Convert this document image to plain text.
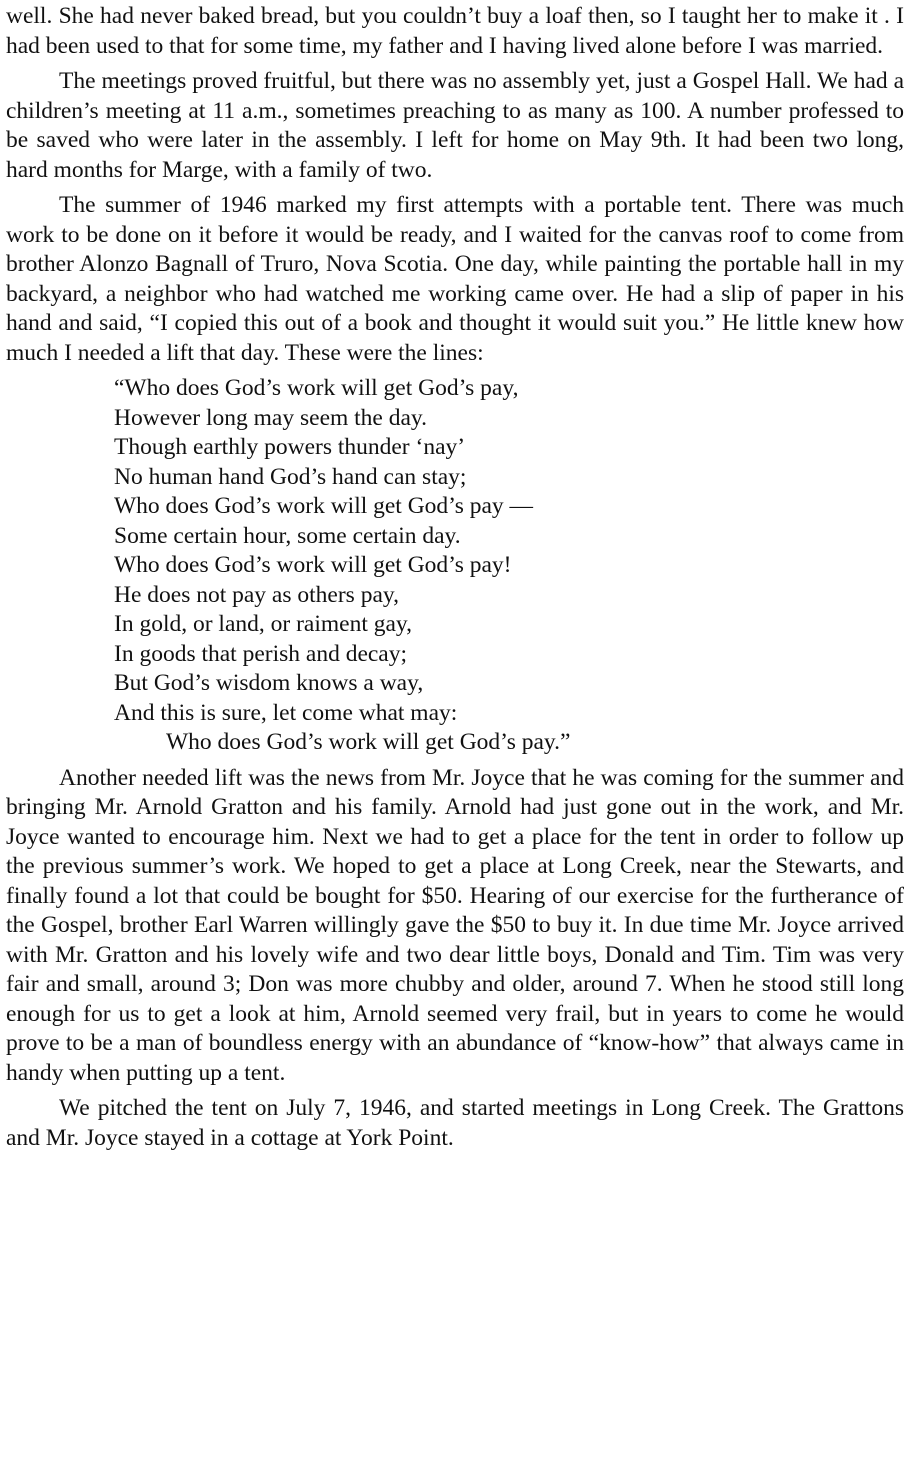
well. She had never baked bread, but you couldn’t buy a loaf then, so I taught her to make it . I had been used to that for some time, my father and I having lived alone before I was married.

The meetings proved fruitful, but there was no assembly yet, just a Gospel Hall. We had a children’s meeting at 11 a.m., sometimes preaching to as many as 100. A number professed to be saved who were later in the assembly. I left for home on May 9th. It had been two long, hard months for Marge, with a family of two.

The summer of 1946 marked my first attempts with a portable tent. There was much work to be done on it before it would be ready, and I waited for the canvas roof to come from brother Alonzo Bagnall of Truro, Nova Scotia. One day, while painting the portable hall in my backyard, a neighbor who had watched me working came over. He had a slip of paper in his hand and said, “I copied this out of a book and thought it would suit you.” He little knew how much I needed a lift that day. These were the lines:

“Who does God’s work will get God’s pay,
However long may seem the day.
Though earthly powers thunder ‘nay’
No human hand God’s hand can stay;
Who does God’s work will get God’s pay —
Some certain hour, some certain day.
Who does God’s work will get God’s pay!
He does not pay as others pay,
In gold, or land, or raiment gay,
In goods that perish and decay;
But God’s wisdom knows a way,
And this is sure, let come what may:
Who does God’s work will get God’s pay.”

Another needed lift was the news from Mr. Joyce that he was coming for the summer and bringing Mr. Arnold Gratton and his family. Arnold had just gone out in the work, and Mr. Joyce wanted to encourage him. Next we had to get a place for the tent in order to follow up the previous summer’s work. We hoped to get a place at Long Creek, near the Stewarts, and finally found a lot that could be bought for $50. Hearing of our exercise for the furtherance of the Gospel, brother Earl Warren willingly gave the $50 to buy it. In due time Mr. Joyce arrived with Mr. Gratton and his lovely wife and two dear little boys, Donald and Tim. Tim was very fair and small, around 3; Don was more chubby and older, around 7. When he stood still long enough for us to get a look at him, Arnold seemed very frail, but in years to come he would prove to be a man of boundless energy with an abundance of “know-how” that always came in handy when putting up a tent.

We pitched the tent on July 7, 1946, and started meetings in Long Creek. The Grattons and Mr. Joyce stayed in a cottage at York Point.
